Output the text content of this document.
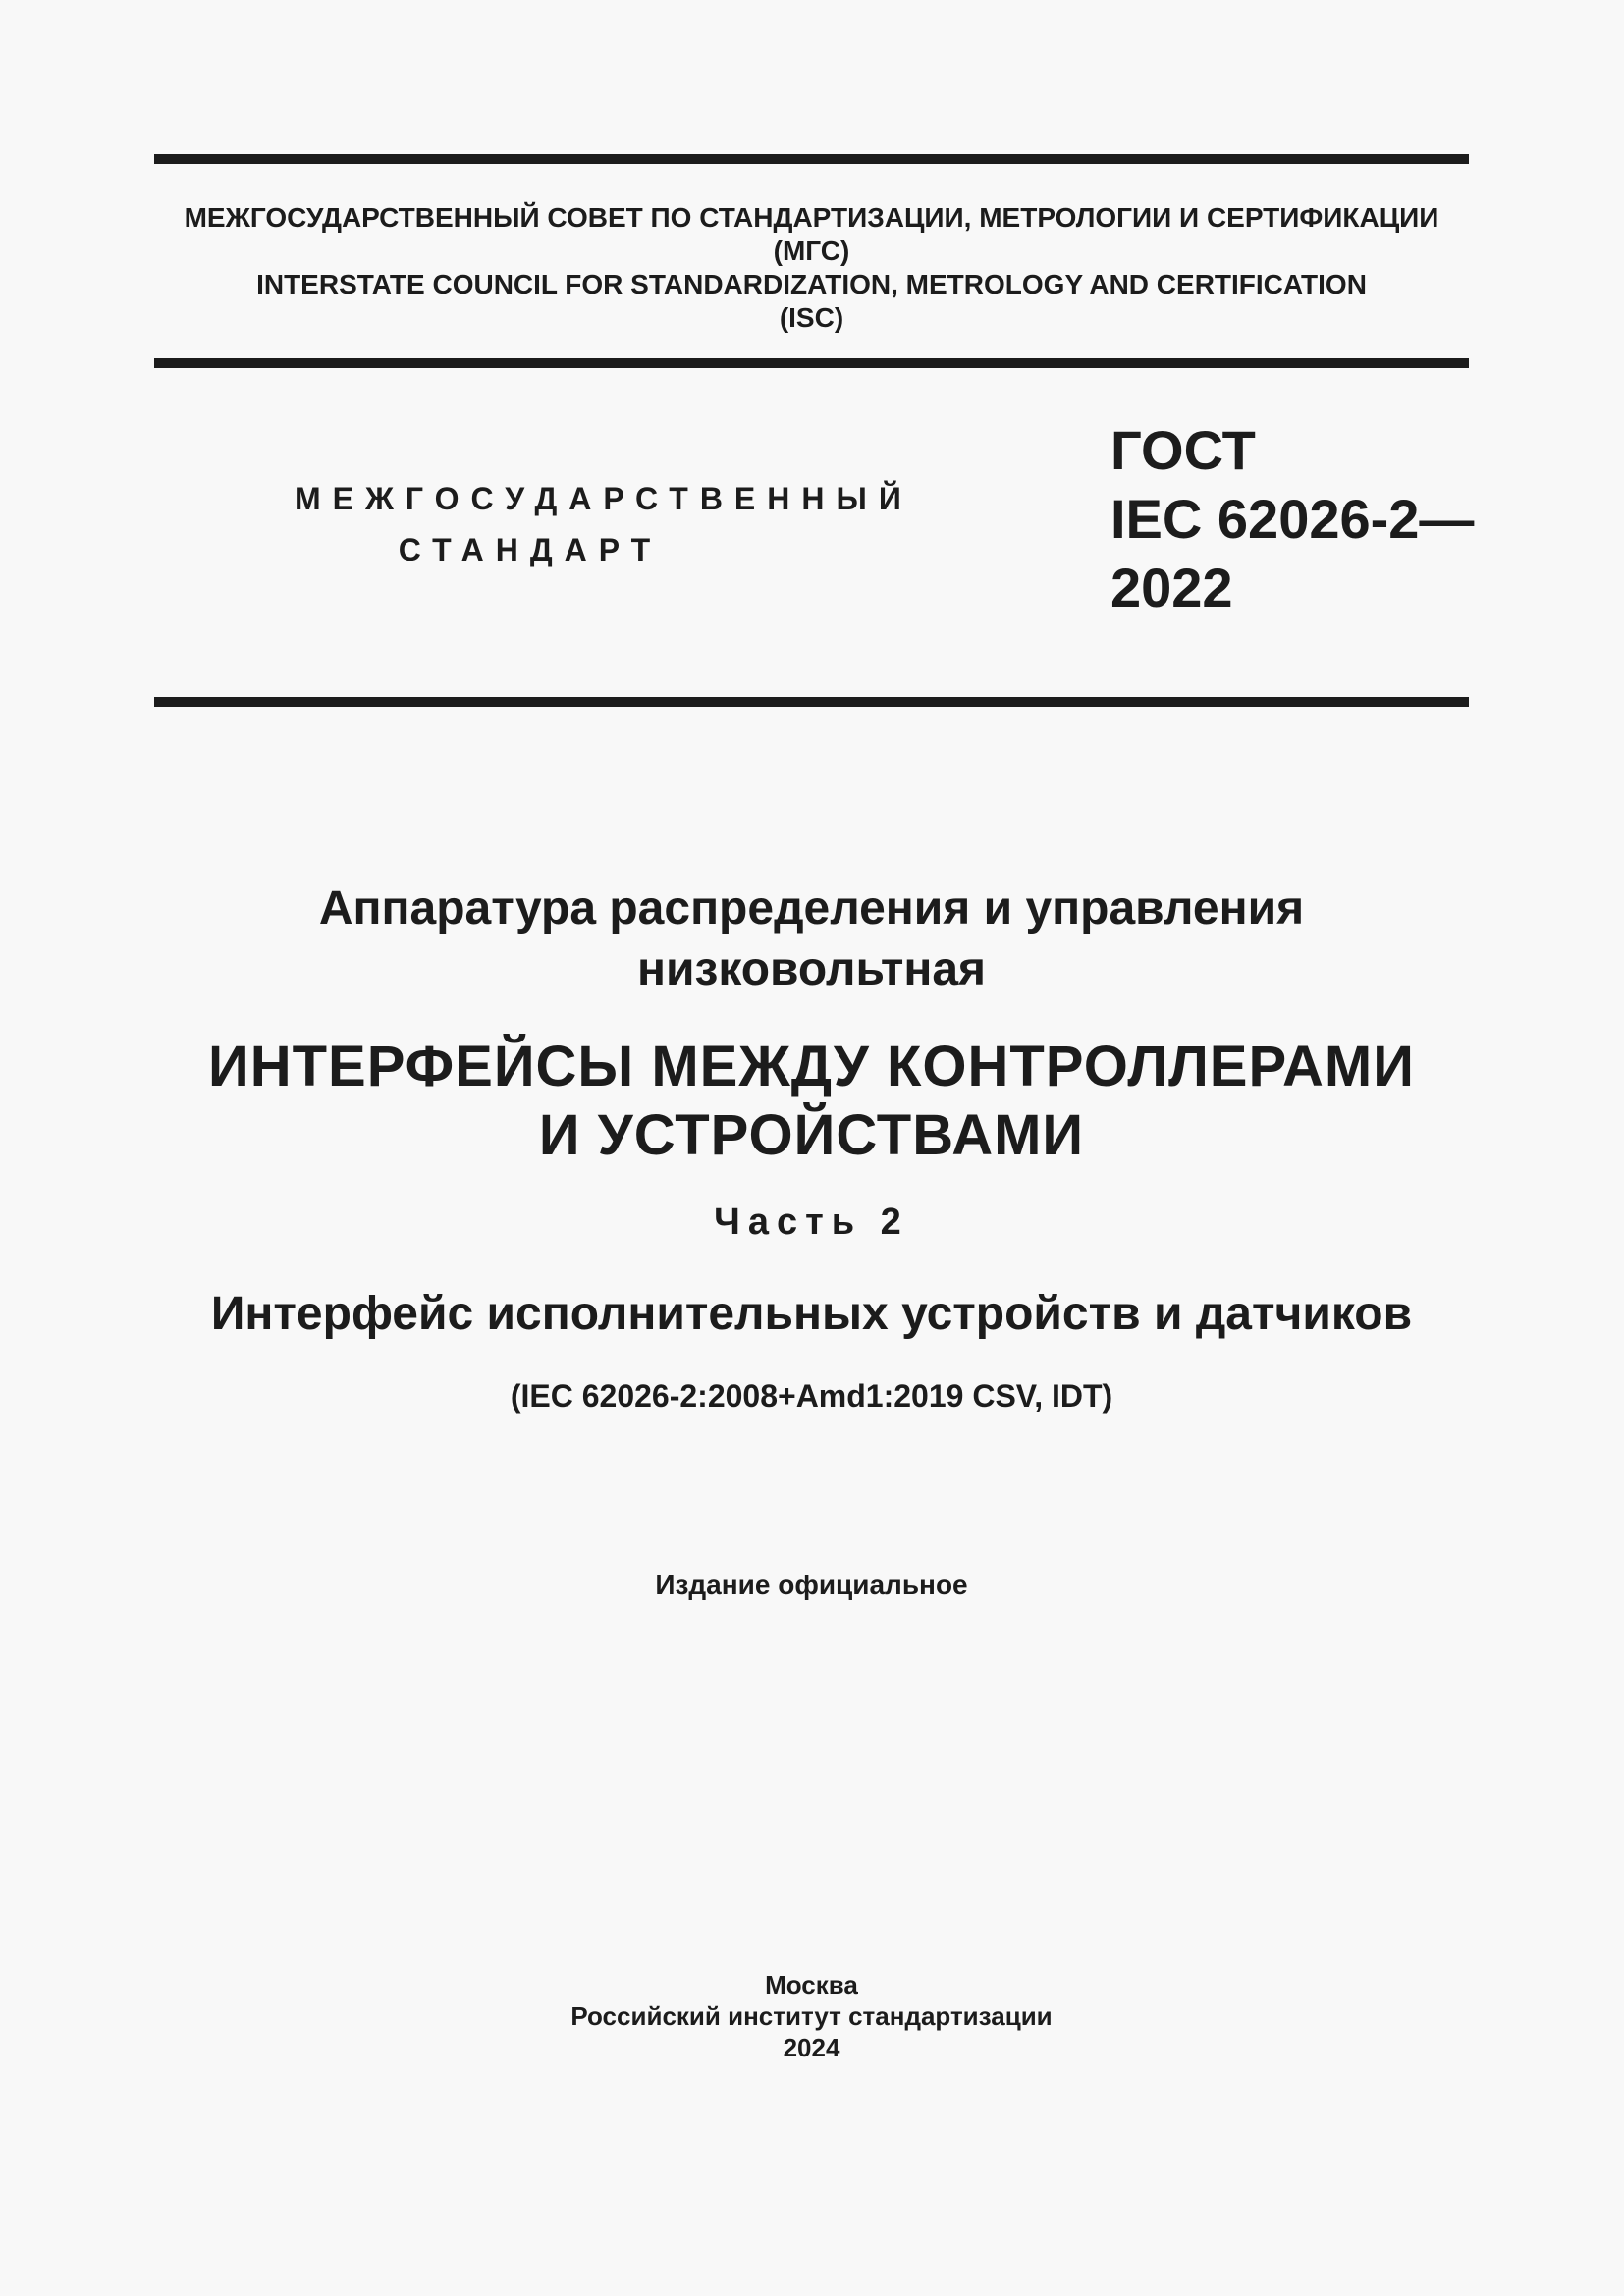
МЕЖГОСУДАРСТВЕННЫЙ СОВЕТ ПО СТАНДАРТИЗАЦИИ, МЕТРОЛОГИИ И СЕРТИФИКАЦИИ
(МГС)
INTERSTATE COUNCIL FOR STANDARDIZATION, METROLOGY AND CERTIFICATION
(ISC)
МЕЖГОСУДАРСТВЕННЫЙ
СТАНДАРТ
ГОСТ
IEC 62026-2—
2022
Аппаратура распределения и управления
низковольтная
ИНТЕРФЕЙСЫ МЕЖДУ КОНТРОЛЛЕРАМИ
И УСТРОЙСТВАМИ
Часть 2
Интерфейс исполнительных устройств и датчиков
(IEC 62026-2:2008+Amd1:2019 CSV, IDT)
Издание официальное
Москва
Российский институт стандартизации
2024
